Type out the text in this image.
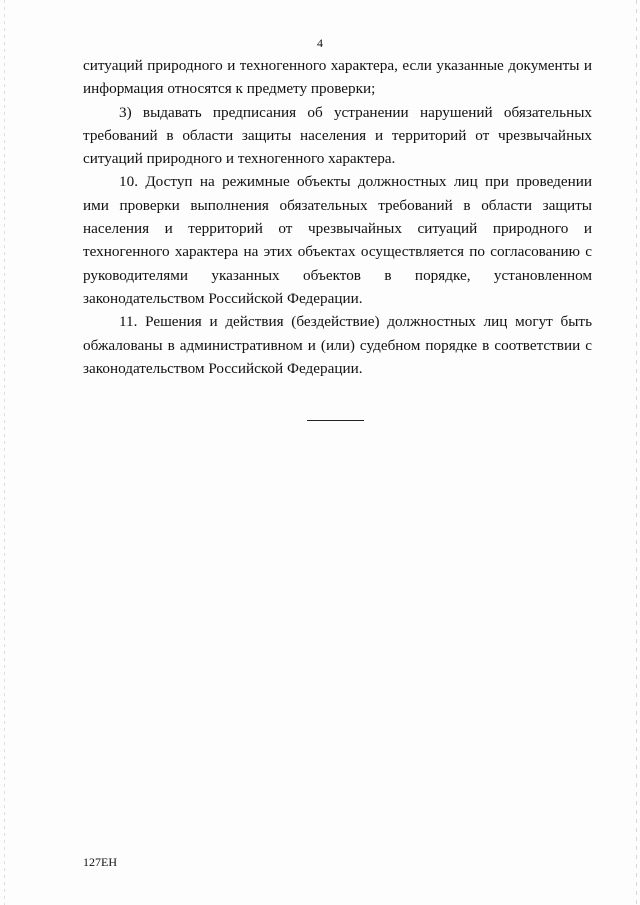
4

ситуаций природного и техногенного характера, если указанные документы и информация относятся к предмету проверки;

3) выдавать предписания об устранении нарушений обязательных требований в области защиты населения и территорий от чрезвычайных ситуаций природного и техногенного характера.

10. Доступ на режимные объекты должностных лиц при проведении ими проверки выполнения обязательных требований в области защиты населения и территорий от чрезвычайных ситуаций природного и техногенного характера на этих объектах осуществляется по согласованию с руководителями указанных объектов в порядке, установленном законодательством Российской Федерации.

11. Решения и действия (бездействие) должностных лиц могут быть обжалованы в административном и (или) судебном порядке в соответствии с законодательством Российской Федерации.

127ЕН
